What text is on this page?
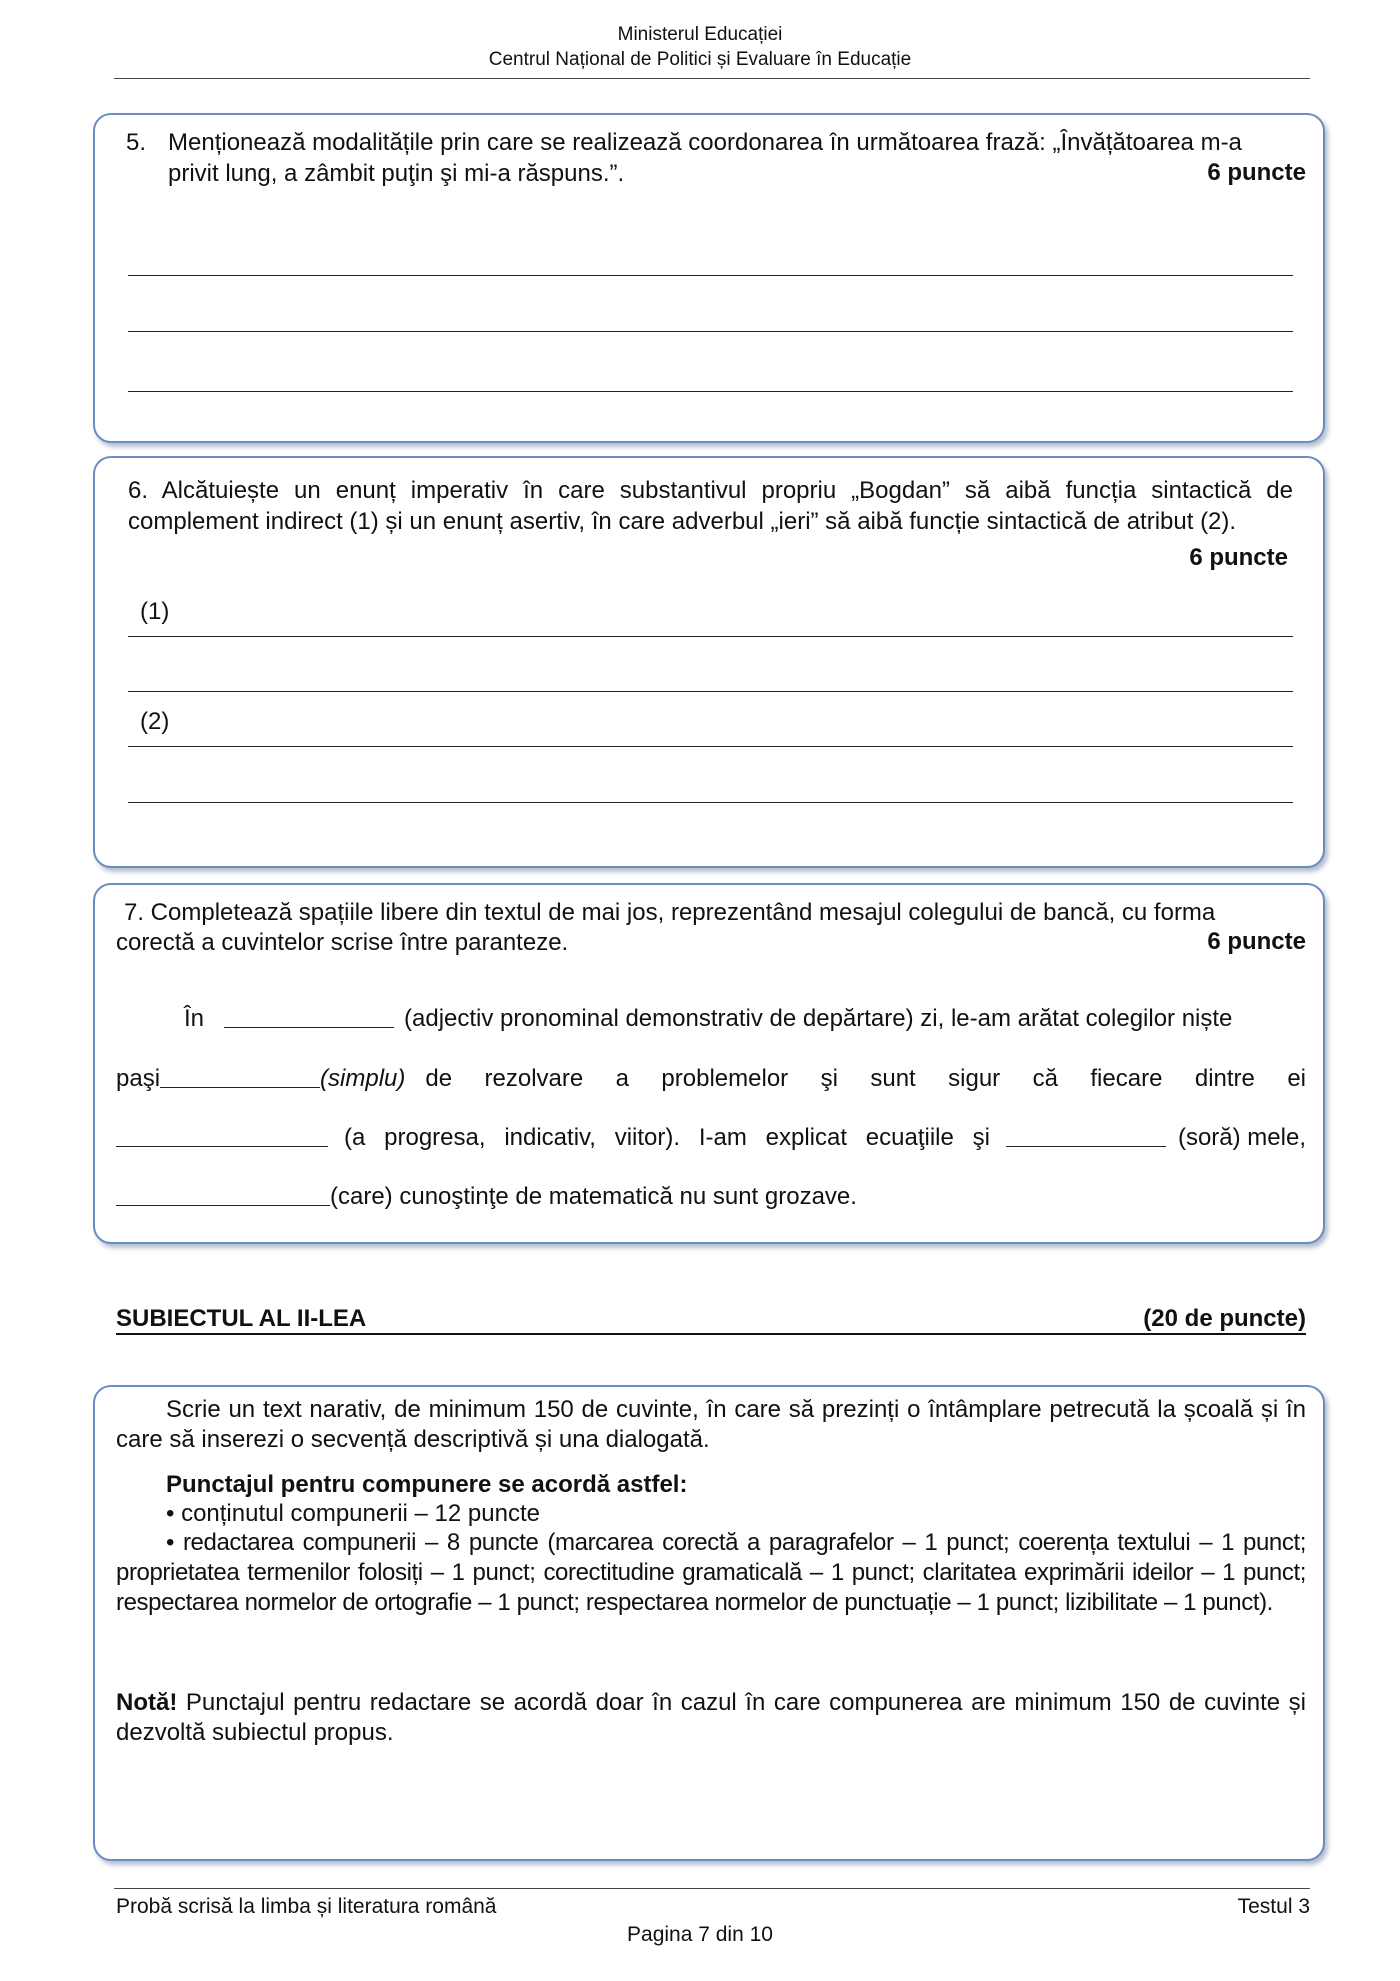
Ministerul Educației
Centrul Național de Politici și Evaluare în Educație
5. Menționează modalitățile prin care se realizează coordonarea în următoarea frază: „Învățătoarea m-a
privit lung, a zâmbit puţin şi mi-a răspuns.”.	6 puncte
6. Alcătuiește un enunț imperativ în care substantivul propriu „Bogdan” să aibă funcția sintactică de complement indirect (1) și un enunț asertiv, în care adverbul „ieri” să aibă funcție sintactică de atribut (2).
6 puncte
(1)
(2)
7. Completează spațiile libere din textul de mai jos, reprezentând mesajul colegului de bancă, cu forma
corectă a cuvintelor scrise între paranteze.	6 puncte
În	(adjectiv pronominal demonstrativ de depărtare) zi, le-am arătat colegilor niște
paşi	(simplu) de rezolvare a problemelor şi sunt sigur că fiecare dintre ei
(a progresa, indicativ, viitor). I-am explicat ecuaţiile şi	(soră) mele,
(care) cunoştinţe de matematică nu sunt grozave.
SUBIECTUL AL II-LEA	(20 de puncte)
Scrie un text narativ, de minimum 150 de cuvinte, în care să prezinți o întâmplare petrecută la școală și în care să inserezi o secvență descriptivă și una dialogată.
Punctajul pentru compunere se acordă astfel:
• conținutul compunerii – 12 puncte
• redactarea compunerii – 8 puncte (marcarea corectă a paragrafelor – 1 punct; coerența textului – 1 punct; proprietatea termenilor folosiți – 1 punct; corectitudine gramaticală – 1 punct; claritatea exprimării ideilor – 1 punct; respectarea normelor de ortografie – 1 punct; respectarea normelor de punctuație – 1 punct; lizibilitate – 1 punct).
Notă! Punctajul pentru redactare se acordă doar în cazul în care compunerea are minimum 150 de cuvinte și dezvoltă subiectul propus.
Probă scrisă la limba și literatura română	Testul 3
Pagina 7 din 10
